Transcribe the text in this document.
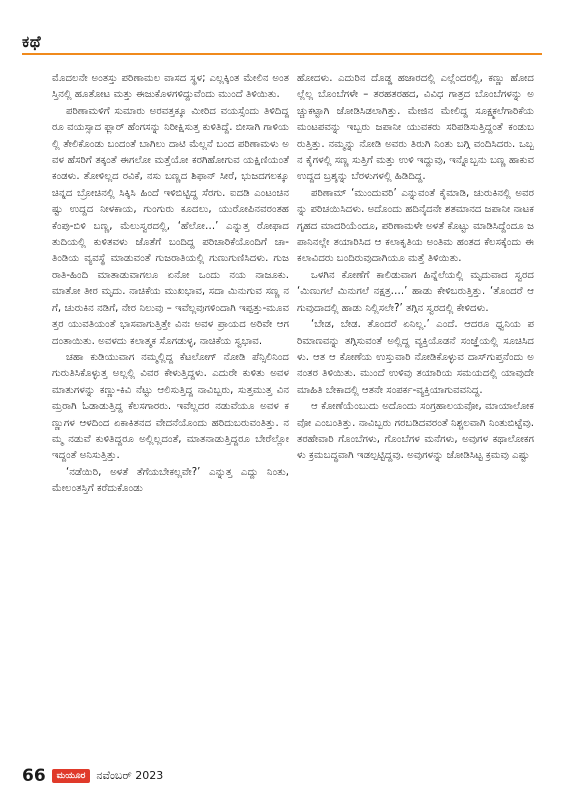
ಕಥೆ

ಮೊದಲನೇ ಅಂತಸ್ತು ಪರಿಣಾಮಲ ವಾಸದ ಸ್ಥಳ; ಎಲ್ಲಕ್ಕಿಂತ ಮೇಲಿನ ಅಂತಸ್ತಿನಲ್ಲಿ ಹೂತೋಟ ಮತ್ತು ಈಜುಕೊಳಗಳಿದ್ದುವೆಂದು ಮುಂದೆ ತಿಳಿಯಿತು.

ಪರಿಣಾಮಳಿಗೆ ಸುಮಾರು ಅರವತ್ತಕ್ಕೂ ಮೀರಿದ ವಯಸ್ಸೆಂದು ತಿಳಿದಿದ್ದರೂ ವಯಸ್ಸಾದ ಫ್ಲಾರ್ ಹೆಂಗಸನ್ನು ನಿರೀಕ್ಷಿಸುತ್ತ ಕುಳಿತಿದ್ದೆ. ಬೀಸಾಗಿ ಗಾಳಿಯಲ್ಲಿ ತೇಲಿಕೊಂಡು ಬಂದಂತೆ ಬಾಗಿಲು ದಾಟಿ ಮೆಲ್ಲನೆ ಬಂದ ಪರಿಣಾಮಳು ಅವಳ ಹೆಸರಿಗೆ ತಕ್ಕಂತೆ ಈಗಲೋ ಮತ್ತೆಯೋ ಕರಗಿಹೋಗುವ ಯಕ್ಷಿಣಿಯಂತೆ ಕಂಡಳು. ತೋಳಿಲ್ಲದ ರವಿಕೆ, ನಸು ಬಣ್ಣದ ಶಿಫಾನ್ ಸೀರೆ, ಭುಜದಗಲಕ್ಕೂ ಚಿನ್ನದ ಬ್ರೋಚಿನಲ್ಲಿ ಸಿಕ್ಕಿಸಿ ಹಿಂದೆ ಇಳಿಬಿಟ್ಟಿದ್ದ ಸೆರಗು. ಐದಡಿ ಎಂಟಂಚಿನಷ್ಟು ಉದ್ದದ ನೀಳಕಾಯ, ಗುಂಗುರು ಕೂದಲು, ಯುರೋಪಿನವರಂತಹ ಕೆಂಪು-ಬಿಳಿ ಬಣ್ಣ, ಮೆಲುಸ್ವರದಲ್ಲಿ, ‘ಹೆಲೋ…’ ಎನ್ನುತ್ತ ರೋಫಾದ ತುದಿಯಲ್ಲಿ ಕುಳಿತವಳು ಜೊತೆಗೆ ಬಂದಿದ್ದ ಪರಿಚಾರಿಕೆಯೊಂದಿಗೆ ಚಾ-ತಿಂಡಿಯ ವ್ಯವಸ್ಥೆ ಮಾಡುವಂತೆ ಗುಜರಾತಿಯಲ್ಲಿ ಗುಣುಗುಣಿಸಿದಳು. ಗುಜರಾತಿ-ಹಿಂದಿ ಮಾತಾಡುವಾಗಲೂ ಏನೋ ಒಂದು ನಯ ನಾಜೂಕು. ಮಾತೋ ತೀರ ಮೃದು. ನಾಚಿಕೆಯ ಮುಖಭಾವ, ಸದಾ ಮಿನುಗುವ ಸಣ್ಣ ನಗೆ, ಚುರುಕಿನ ನಡಿಗೆ, ನೇರ ನಿಲುವು – ಇವೆಲ್ಲವುಗಳಿಂದಾಗಿ ಇಪ್ಪತ್ತು-ಮೂವತ್ತರ ಯುವತಿಯಂತೆ ಭಾಸವಾಗುತ್ತಿತ್ತೇ ವಿನಃ ಅವಳ ಪ್ರಾಯದ ಅರಿವೇ ಆಗದಂತಾಯಿತು. ಅವಳದು ಕಲಾತ್ಮಕ ಸೊಗಡುಳ್ಳ, ನಾಚಿಕೆಯ ಸ್ವಭಾವ.

ಚಹಾ ಕುಡಿಯುವಾಗ ನಮ್ಮಲ್ಲಿದ್ದ ಕೆಟಲೋಗ್ ನೋಡಿ ಪೆನ್ಸಿಲಿನಿಂದ ಗುರುತಿಸಿಕೊಳ್ಳುತ್ತ ಅಲ್ಲಲ್ಲಿ ವಿವರ ಕೇಳುತ್ತಿದ್ದಳು. ಎದುರೇ ಕುಳಿತು ಅವಳ ಮಾತುಗಳನ್ನು ಕಣ್ಣು-ಕಿವಿ ನೆಟ್ಟು ಆಲಿಸುತ್ತಿದ್ದ ನಾವಿಬ್ಬರು, ಸುತ್ತಮುತ್ತ ವಿನಮ್ರರಾಗಿ ಓಡಾಡುತ್ತಿದ್ದ ಕೆಲಸಗಾರರು. ಇವೆಲ್ಲದರ ನಡುವೆಯೂ ಅವಳ ಕಣ್ಣುಗಳ ಆಳದಿಂದ ಏಕಾಕಿತನದ ವೇದನೆಯೊಂದು ಹರಿದುಬರುವಂತಿತ್ತು. ನಮ್ಮ ನಡುವೆ ಕುಳಿತಿದ್ದರೂ ಅಲ್ಲಿಲ್ಲದಂತೆ, ಮಾತನಾಡುತ್ತಿದ್ದರೂ ಬೇರೆಲ್ಲೋ ಇದ್ದಂತೆ ಅನಿಸುತ್ತಿತ್ತು.

‘ನಡೆಯಿರಿ, ಅಳತೆ ತೆಗೆಯಬೇಕಲ್ಲವೇ?’ ಎನ್ನುತ್ತ ಎದ್ದು ನಿಂತು, ಮೇಲಂತಸ್ತಿಗೆ ಕರೆದುಕೊಂಡು

ಹೋದಳು. ಎದುರಿನ ದೊಡ್ಡ ಹಜಾರದಲ್ಲಿ ಎಲ್ಲೆಂದರಲ್ಲಿ, ಕಣ್ಣು ಹೋದಲ್ಲೆಲ್ಲ ಬೊಂಬೆಗಳೇ – ತರಹತರಹದ, ವಿವಿಧ ಗಾತ್ರದ ಬೊಂಬೆಗಳನ್ನು ಅಚ್ಚುಕಟ್ಟಾಗಿ ಜೋಡಿಸಿಡಲಾಗಿತ್ತು. ಮೇಜಿನ ಮೇಲಿದ್ದ ಸೂಕ್ಷ್ಮಕಲೆಗಾರಿಕೆಯ ಮಂಟಪವನ್ನು ಇಬ್ಬರು ಜಪಾನೀ ಯುವಕರು ಸರಿಪಡಿಸುತ್ತಿದ್ದಂತೆ ಕಂಡುಬರುತ್ತಿತ್ತು. ನಮ್ಮನ್ನು ನೋಡಿ ಅವರು ತಿರುಗಿ ನಿಂತು ಬಗ್ಗಿ ವಂದಿಸಿದರು. ಒಬ್ಬನ ಕೈಗಳಲ್ಲಿ ಸಣ್ಣ ಸುತ್ತಿಗೆ ಮತ್ತು ಉಳಿ ಇದ್ದುವು, ಇನ್ನೊಬ್ಬನು ಬಣ್ಣ ಹಾಕುವ ಉದ್ದದ ಬ್ರಶ್ಶನ್ನು ಬೆರಳುಗಳಲ್ಲಿ ಹಿಡಿದಿದ್ದ.

ಪರಿಣಾಮ್ ‘ಮುಂದುವರಿ’ ಎನ್ನುವಂತೆ ಕೈಮಾಡಿ, ಚುರುಕಿನಲ್ಲಿ ಅವರನ್ನು ಪರಿಚಯಿಸಿದಳು. ಅದೊಂದು ಹದಿನೈದನೇ ಶತಮಾನದ ಜಪಾನೀ ನಾಟಕಗೃಹದ ಮಾದರಿಯೆಂದೂ, ಪರಿಣಾಮಳೇ ಅಳತೆ ಕೊಟ್ಟು ಮಾಡಿಸಿದ್ದೆಂದೂ ಜಪಾನಿನಲ್ಲೇ ತಯಾರಿಸಿದ ಆ ಕಲಾಕೃತಿಯ ಅಂತಿಮ ಹಂತದ ಕೆಲಸಕ್ಕೆಂದು ಈ ಕಲಾವಿದರು ಬಂದಿರುವುದಾಗಿಯೂ ಮತ್ತೆ ತಿಳಿಯಿತು.

ಒಳಗಿನ ಕೋಣೆಗೆ ಕಾಲಿಡುವಾಗ ಹಿನ್ನೆಲೆಯಲ್ಲಿ ಮೃದುವಾದ ಸ್ವರದ ‘ಮಿಣುಗಲೆ ಮಿನುಗಲೆ ನಕ್ಷತ್ರ….’ ಹಾಡು ಕೇಳಿಬರುತ್ತಿತ್ತು. ‘ತೊಂದರೆ ಆಗುವುದಾದಲ್ಲಿ ಹಾಡು ನಿಲ್ಲಿಸಲೇ?’ ತಗ್ಗಿನ ಸ್ವರದಲ್ಲಿ ಕೇಳಿದಳು.

‘ಬೇಡ, ಬೇಡ. ತೊಂದರೆ ಏನಿಲ್ಲ.’ ಎಂದೆ. ಆದರೂ ಧ್ವನಿಯ ಪರಿಮಾಣವನ್ನು ತಗ್ಗಿಸುವಂತೆ ಅಲ್ಲಿದ್ದ ವ್ಯಕ್ತಿಯೊಡನೆ ಸಂಜ್ಞೆಯಲ್ಲಿ ಸೂಚಿಸಿದಳು. ಆತ ಆ ಕೋಣೆಯ ಉಸ್ತುವಾರಿ ನೋಡಿಕೊಳ್ಳುವ ದಾಸ್‌ಗುಪ್ತನೆಂದು ಅನಂತರ ತಿಳಿಯಿತು. ಮುಂದೆ ಉಳಿವು ತಯಾರಿಯ ಸಮಯದಲ್ಲಿ ಯಾವುದೇ ಮಾಹಿತಿ ಬೇಕಾದಲ್ಲಿ ಆತನೇ ಸಂಪರ್ಕ-ವ್ಯಕ್ತಿಯಾಗುವವನಿದ್ದ.

ಆ ಕೋಣೆಯೆಂಬುದು ಅದೊಂದು ಸಂಗ್ರಹಾಲಯವೋ, ಮಾಯಾಲೋಕವೋ ಎಂಬಂತಿತ್ತು. ನಾವಿಬ್ಬರು ಗರಬಡಿದವರಂತೆ ನಿಶ್ಚಲವಾಗಿ ನಿಂತುಬಿಟ್ಟೆವು. ತರಹೇವಾರಿ ಗೊಂಬೆಗಳು, ಗೊಂಬೆಗಳ ಮನೆಗಳು, ಅವುಗಳ ಕಥಾಲೋಕಗಳು ಕ್ರಮಬದ್ಧವಾಗಿ ಇಡಲ್ಪಟ್ಟಿದ್ದವು. ಅವುಗಳನ್ನು ಜೋಡಿಸಿಟ್ಟ ಕ್ರಮವು ಎಷ್ಟು

66	ಮಯೂರ	ನವೆಂಬರ್ 2023
